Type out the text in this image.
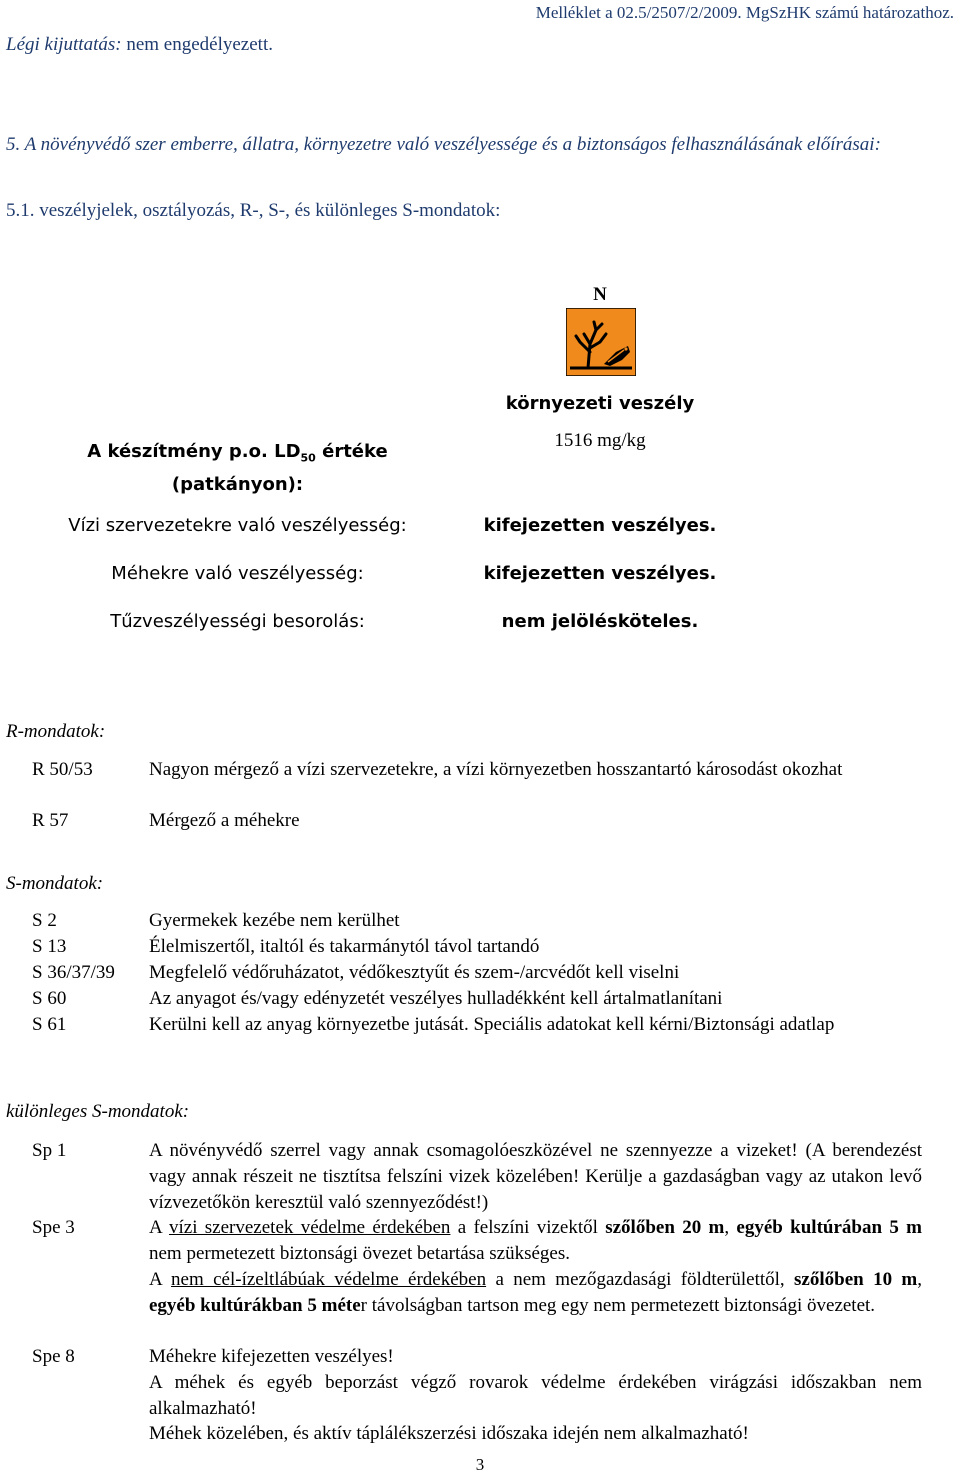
Melléklet a 02.5/2507/2/2009. MgSzHK számú határozathoz.
Légi kijuttatás: nem engedélyezett.
5. A növényvédő szer emberre, állatra, környezetre való veszélyessége és a biztonságos felhasználásának előírásai:
5.1. veszélyjelek, osztályozás, R-, S-, és különleges S-mondatok:
N
környezeti veszély
A készítmény p.o. $LD_{50}$ értéke
(patkányon):
1516 mg/kg
Vízi szervezetekre való veszélyesség:	kifejezetten veszélyes.
Méhekre való veszélyesség:	kifejezetten veszélyes.
Tűzveszélyességi besorolás:	nem jelölésköteles.
R-mondatok:
R 50/53	Nagyon mérgező a vízi szervezetekre, a vízi környezetben hosszantartó károsodást okozhat
R 57	Mérgező a méhekre
S-mondatok:
S 2	Gyermekek kezébe nem kerülhet
S 13	Élelmiszertől, italtól és takarmánytól távol tartandó
S 36/37/39 Megfelelő védőruházatot, védőkesztyűt és szem-/arcvédőt kell viselni
S 60	Az anyagot és/vagy edényzetét veszélyes hulladékként kell ártalmatlanítani
S 61	Kerülni kell az anyag környezetbe jutását. Speciális adatokat kell kérni/Biztonsági adatlap
különleges S-mondatok:
Sp 1	A növényvédő szerrel vagy annak csomagolóeszközével ne szennyezze a vizeket! (A berendezést vagy annak részeit ne tisztítsa felszíni vizek közelében! Kerülje a gazdaságban vagy az utakon levő vízvezetőkön keresztül való szennyeződést!)
Spe 3	A vízi szervezetek védelme érdekében a felszíni vizektől szőlőben 20 m, egyéb kultúrában 5 m nem permetezett biztonsági övezet betartása szükséges.
A nem cél-ízeltlábúak védelme érdekében a nem mezőgazdasági földterülettől, szőlőben 10 m, egyéb kultúrákban 5 méter távolságban tartson meg egy nem permetezett biztonsági övezetet.
Spe 8	Méhekre kifejezetten veszélyes!
A méhek és egyéb beporzást végző rovarok védelme érdekében virágzási időszakban nem alkalmazható!
Méhek közelében, és aktív táplálékszerzési időszaka idején nem alkalmazható!
3
